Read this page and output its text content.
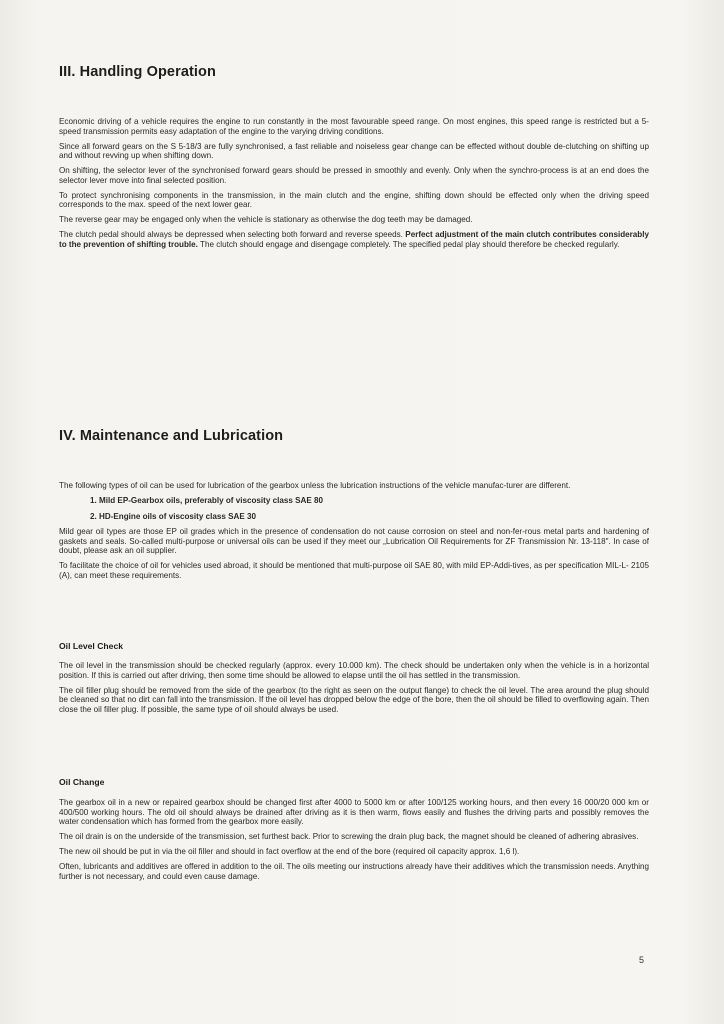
III. Handling Operation

Economic driving of a vehicle requires the engine to run constantly in the most favourable speed range. On most engines, this speed range is restricted but a 5-speed transmission permits easy adaptation of the engine to the varying driving conditions.

Since all forward gears on the S 5-18/3 are fully synchronised, a fast reliable and noiseless gear change can be effected without double de-clutching on shifting up and without revving up when shifting down.

On shifting, the selector lever of the synchronised forward gears should be pressed in smoothly and evenly. Only when the synchro-process is at an end does the selector lever move into final selected position.

To protect synchronising components in the transmission, in the main clutch and the engine, shifting down should be effected only when the driving speed corresponds to the max. speed of the next lower gear.

The reverse gear may be engaged only when the vehicle is stationary as otherwise the dog teeth may be damaged.

The clutch pedal should always be depressed when selecting both forward and reverse speeds. Perfect adjustment of the main clutch contributes considerably to the prevention of shifting trouble. The clutch should engage and disengage completely. The specified pedal play should therefore be checked regularly.

IV. Maintenance and Lubrication

The following types of oil can be used for lubrication of the gearbox unless the lubrication instructions of the vehicle manufac-turer are different.

1. Mild EP-Gearbox oils, preferably of viscosity class SAE 80
2. HD-Engine oils of viscosity class SAE 30

Mild gear oil types are those EP oil grades which in the presence of condensation do not cause corrosion on steel and non-fer-rous metal parts and hardening of gaskets and seals. So-called multi-purpose or universal oils can be used if they meet our „Lubrication Oil Requirements for ZF Transmission Nr. 13-118". In case of doubt, please ask an oil supplier.

To facilitate the choice of oil for vehicles used abroad, it should be mentioned that multi-purpose oil SAE 80, with mild EP-Addi-tives, as per specification MIL-L- 2105 (A), can meet these requirements.

Oil Level Check

The oil level in the transmission should be checked regularly (approx. every 10.000 km). The check should be undertaken only when the vehicle is in a horizontal position. If this is carried out after driving, then some time should be allowed to elapse until the oil has settled in the transmission.

The oil filler plug should be removed from the side of the gearbox (to the right as seen on the output flange) to check the oil level. The area around the plug should be cleaned so that no dirt can fall into the transmission. If the oil level has dropped below the edge of the bore, then the oil should be filled to overflowing again. Then close the oil filler plug. If possible, the same type of oil should always be used.

Oil Change

The gearbox oil in a new or repaired gearbox should be changed first after 4000 to 5000 km or after 100/125 working hours, and then every 16 000/20 000 km or 400/500 working hours. The old oil should always be drained after driving as it is then warm, flows easily and flushes the driving parts and possibly removes the water condensation which has formed from the gearbox more easily.

The oil drain is on the underside of the transmission, set furthest back. Prior to screwing the drain plug back, the magnet should be cleaned of adhering abrasives.

The new oil should be put in via the oil filler and should in fact overflow at the end of the bore (required oil capacity approx. 1,6 l).

Often, lubricants and additives are offered in addition to the oil. The oils meeting our instructions already have their additives which the transmission needs. Anything further is not necessary, and could even cause damage.

5
